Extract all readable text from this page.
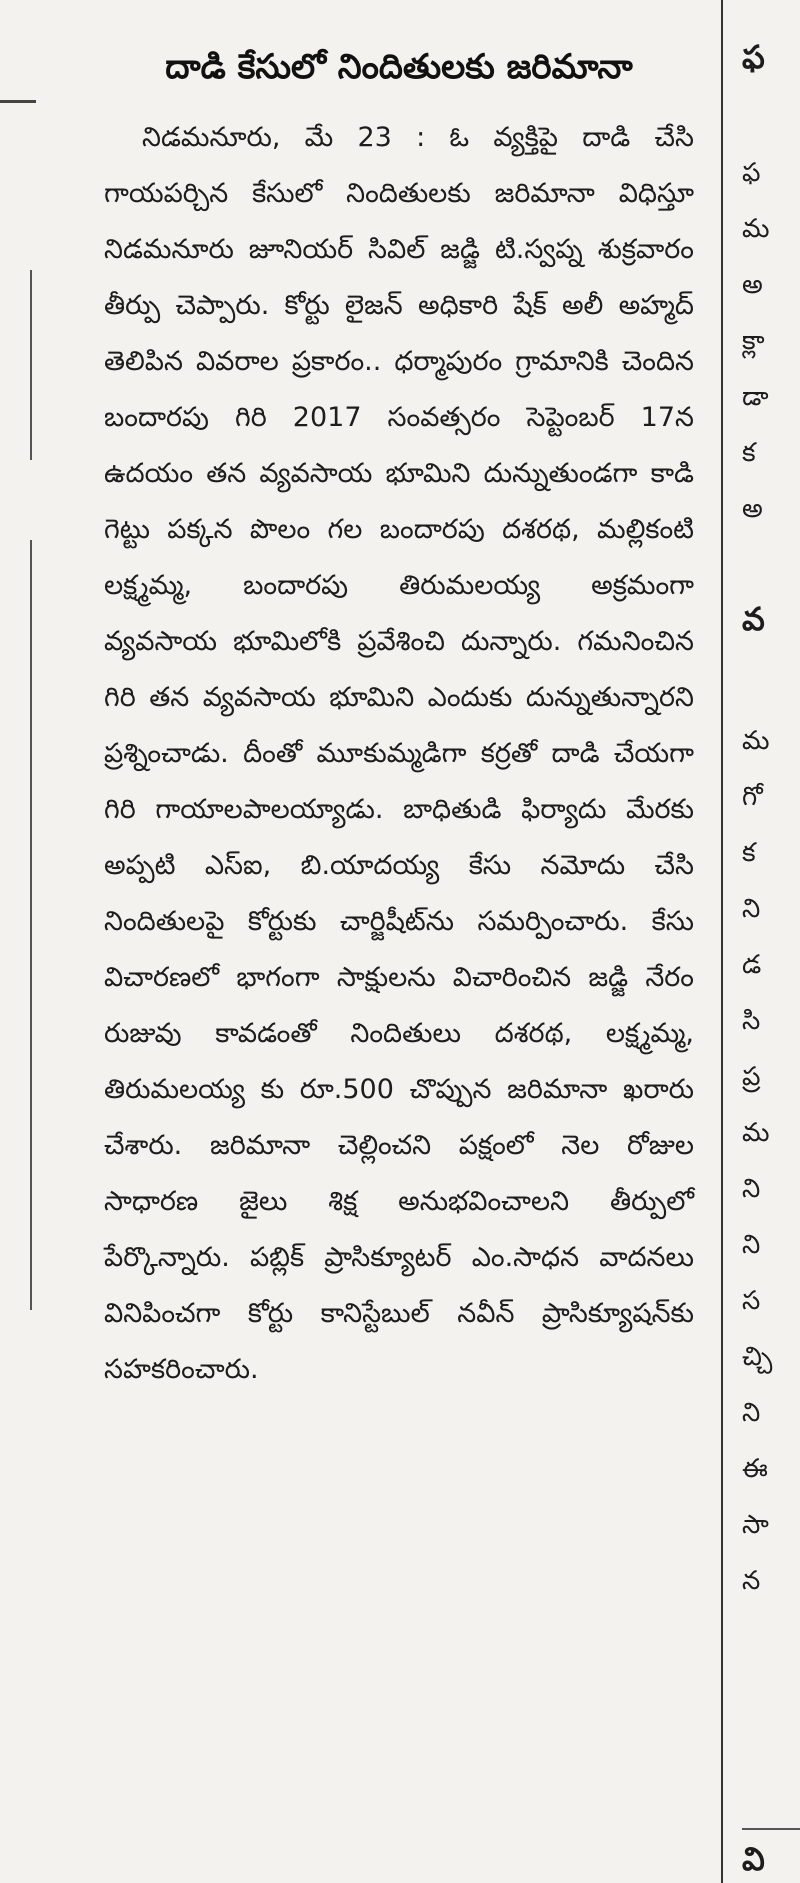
దాడి కేసులో నిందితులకు జరిమానా

నిడమనూరు, మే 23 : ఓ వ్యక్తిపై దాడి చేసి గాయపర్చిన కేసులో నిందితులకు జరిమానా విధిస్తూ నిడమనూరు జూనియర్ సివిల్ జడ్జి టి.స్వప్న శుక్రవారం తీర్పు చెప్పారు. కోర్టు లైజన్ అధికారి షేక్ అలీ అహ్మద్ తెలిపిన వివరాల ప్రకారం.. ధర్మాపురం గ్రామానికి చెందిన బందారపు గిరి 2017 సంవత్సరం సెప్టెంబర్ 17న ఉదయం తన వ్యవసాయ భూమిని దున్నుతుండగా కాడి గెట్టు పక్కన పొలం గల బందారపు దశరథ, మల్లికంటి లక్ష్మమ్మ, బందారపు తిరుమలయ్య అక్రమంగా వ్యవసాయ భూమిలోకి ప్రవేశించి దున్నారు. గమనించిన గిరి తన వ్యవసాయ భూమిని ఎందుకు దున్నుతున్నారని ప్రశ్నించాడు. దీంతో మూకుమ్మడిగా కర్రతో దాడి చేయగా గిరి గాయాలపాలయ్యాడు. బాధితుడి ఫిర్యాదు మేరకు అప్పటి ఎస్ఐ, బి.యాదయ్య కేసు నమోదు చేసి నిందితులపై కోర్టుకు చార్జిషీట్‌ను సమర్పించారు. కేసు విచారణలో భాగంగా సాక్షులను విచారించిన జడ్జి నేరం రుజువు కావడంతో నిందితులు దశరథ, లక్ష్మమ్మ, తిరుమలయ్య కు రూ.500 చొప్పున జరిమానా ఖరారు చేశారు. జరిమానా చెల్లించని పక్షంలో నెల రోజుల సాధారణ జైలు శిక్ష అనుభవించాలని తీర్పులో పేర్కొన్నారు. పబ్లిక్ ప్రాసిక్యూటర్ ఎం.సాధన వాదనలు వినిపించగా కోర్టు కానిస్టేబుల్ నవీన్ ప్రాసిక్యూషన్‌కు సహకరించారు.

ఫ
ఫ
మ
అ
క్లా
డా
క
అ
వ
మ
గో
క
ని
డ
సి
ప్ర
మ
ని
ని
స
చ్చి
ని
ఈ
సా
న
వి
